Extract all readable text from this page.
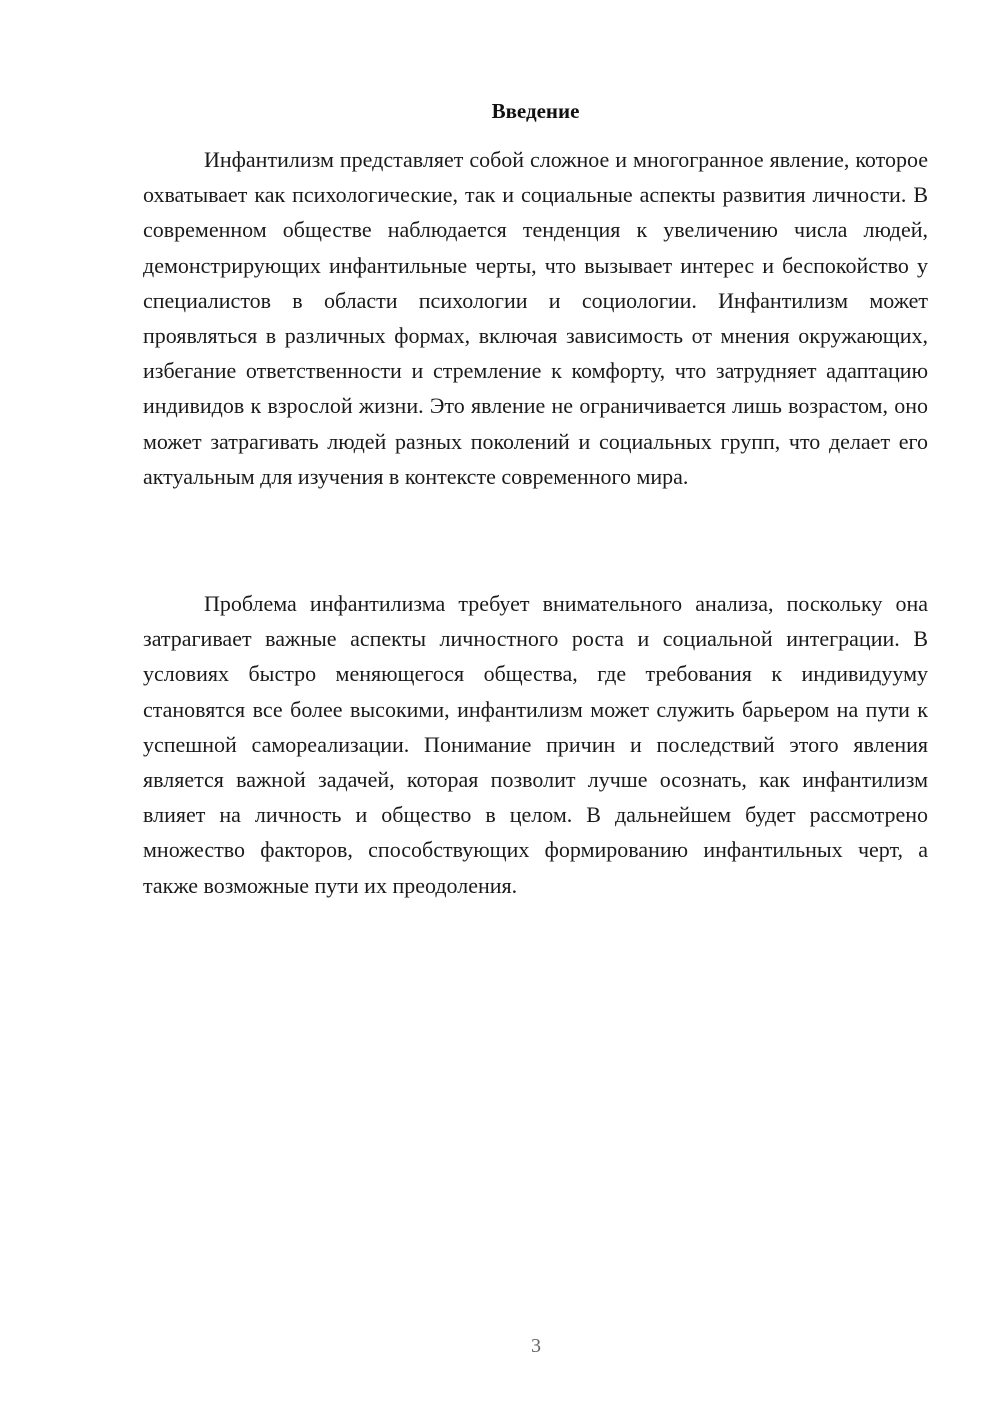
Введение

Инфантилизм представляет собой сложное и многогранное явление, которое охватывает как психологические, так и социальные аспекты развития личности. В современном обществе наблюдается тенденция к увеличению числа людей, демонстрирующих инфантильные черты, что вызывает интерес и беспокойство у специалистов в области психологии и социологии. Инфантилизм может проявляться в различных формах, включая зависимость от мнения окружающих, избегание ответственности и стремление к комфорту, что затрудняет адаптацию индивидов к взрослой жизни. Это явление не ограничивается лишь возрастом, оно может затрагивать людей разных поколений и социальных групп, что делает его актуальным для изучения в контексте современного мира.

Проблема инфантилизма требует внимательного анализа, поскольку она затрагивает важные аспекты личностного роста и социальной интеграции. В условиях быстро меняющегося общества, где требования к индивидууму становятся все более высокими, инфантилизм может служить барьером на пути к успешной самореализации. Понимание причин и последствий этого явления является важной задачей, которая позволит лучше осознать, как инфантилизм влияет на личность и общество в целом. В дальнейшем будет рассмотрено множество факторов, способствующих формированию инфантильных черт, а также возможные пути их преодоления.

3
